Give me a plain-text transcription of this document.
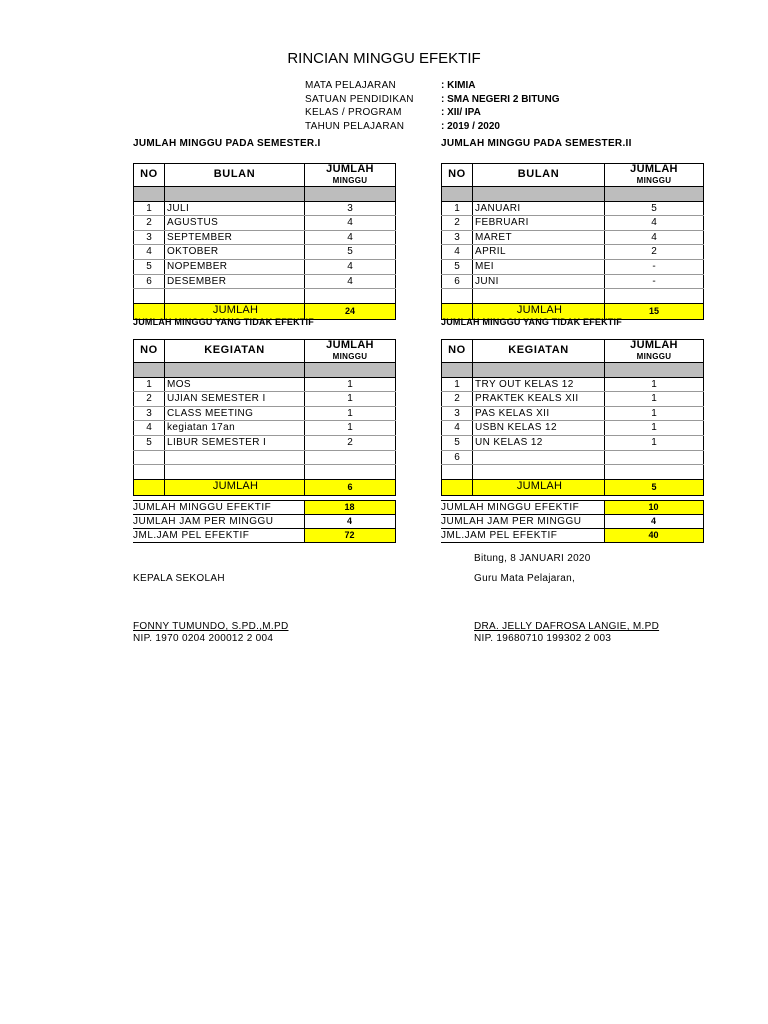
RINCIAN MINGGU EFEKTIF
MATA PELAJARAN	: KIMIA
SATUAN PENDIDIKAN	: SMA NEGERI 2 BITUNG
KELAS / PROGRAM	: XII/ IPA
TAHUN PELAJARAN	: 2019 / 2020
JUMLAH MINGGU PADA SEMESTER.I	JUMLAH MINGGU PADA SEMESTER.II
NO	BULAN	JUMLAH
MINGGU

1	JULI	3
2	AGUSTUS	4
3	SEPTEMBER	4
4	OKTOBER	5
5	NOPEMBER	4
6	DESEMBER	4

	JUMLAH	24
NO	BULAN	JUMLAH
MINGGU

1	JANUARI	5
2	FEBRUARI	4
3	MARET	4
4	APRIL	2
5	MEI	-
6	JUNI	-

	JUMLAH	15
JUMLAH MINGGU YANG TIDAK EFEKTIF	JUMLAH MINGGU YANG TIDAK EFEKTIF
NO	KEGIATAN	JUMLAH
MINGGU

1	MOS	1
2	UJIAN SEMESTER I	1
3	CLASS MEETING	1
4	kegiatan 17an	1
5	LIBUR SEMESTER I	2

	JUMLAH	6
NO	KEGIATAN	JUMLAH
MINGGU

1	TRY OUT KELAS 12	1
2	PRAKTEK KEALS XII	1
3	PAS KELAS XII	1
4	USBN KELAS 12	1
5	UN KELAS 12	1
6		

	JUMLAH	5
JUMLAH MINGGU EFEKTIF	18
JUMLAH JAM PER MINGGU	4
JML.JAM PEL EFEKTIF	72
JUMLAH MINGGU EFEKTIF	10
JUMLAH JAM PER MINGGU	4
JML.JAM PEL EFEKTIF	40
Bitung, 8 JANUARI 2020
KEPALA SEKOLAH	Guru Mata Pelajaran,
FONNY TUMUNDO, S.PD.,M.PD
NIP. 1970 0204 200012 2 004
DRA. JELLY DAFROSA LANGIE, M.PD
NIP. 19680710 199302 2 003
